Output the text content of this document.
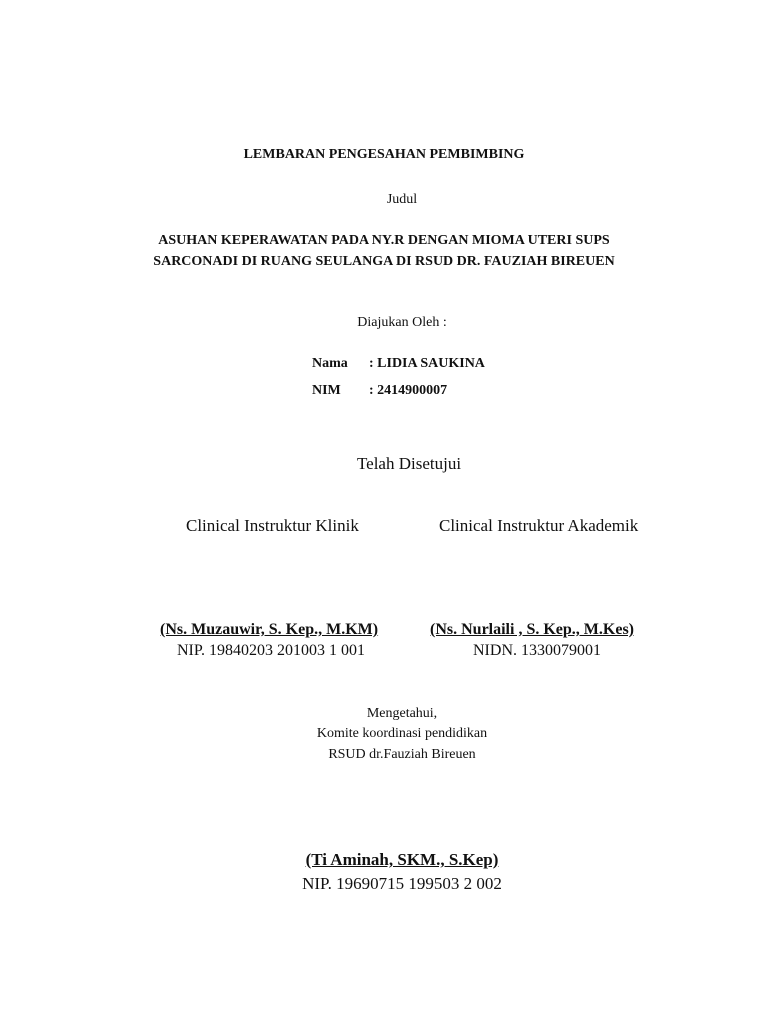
LEMBARAN PENGESAHAN PEMBIMBING
Judul
ASUHAN KEPERAWATAN PADA NY.R DENGAN MIOMA UTERI SUPS
SARCONADI DI RUANG SEULANGA DI RSUD DR. FAUZIAH BIREUEN
Diajukan Oleh :
Nama : LIDIA SAUKINA
NIM : 2414900007
Telah Disetujui
Clinical Instruktur Klinik	Clinical Instruktur Akademik
(Ns. Muzauwir, S. Kep., M.KM)
NIP. 19840203 201003 1 001
(Ns. Nurlaili , S. Kep., M.Kes)
NIDN. 1330079001
Mengetahui,
Komite koordinasi pendidikan
RSUD dr.Fauziah Bireuen
(Ti Aminah, SKM., S.Kep)
NIP. 19690715 199503 2 002
